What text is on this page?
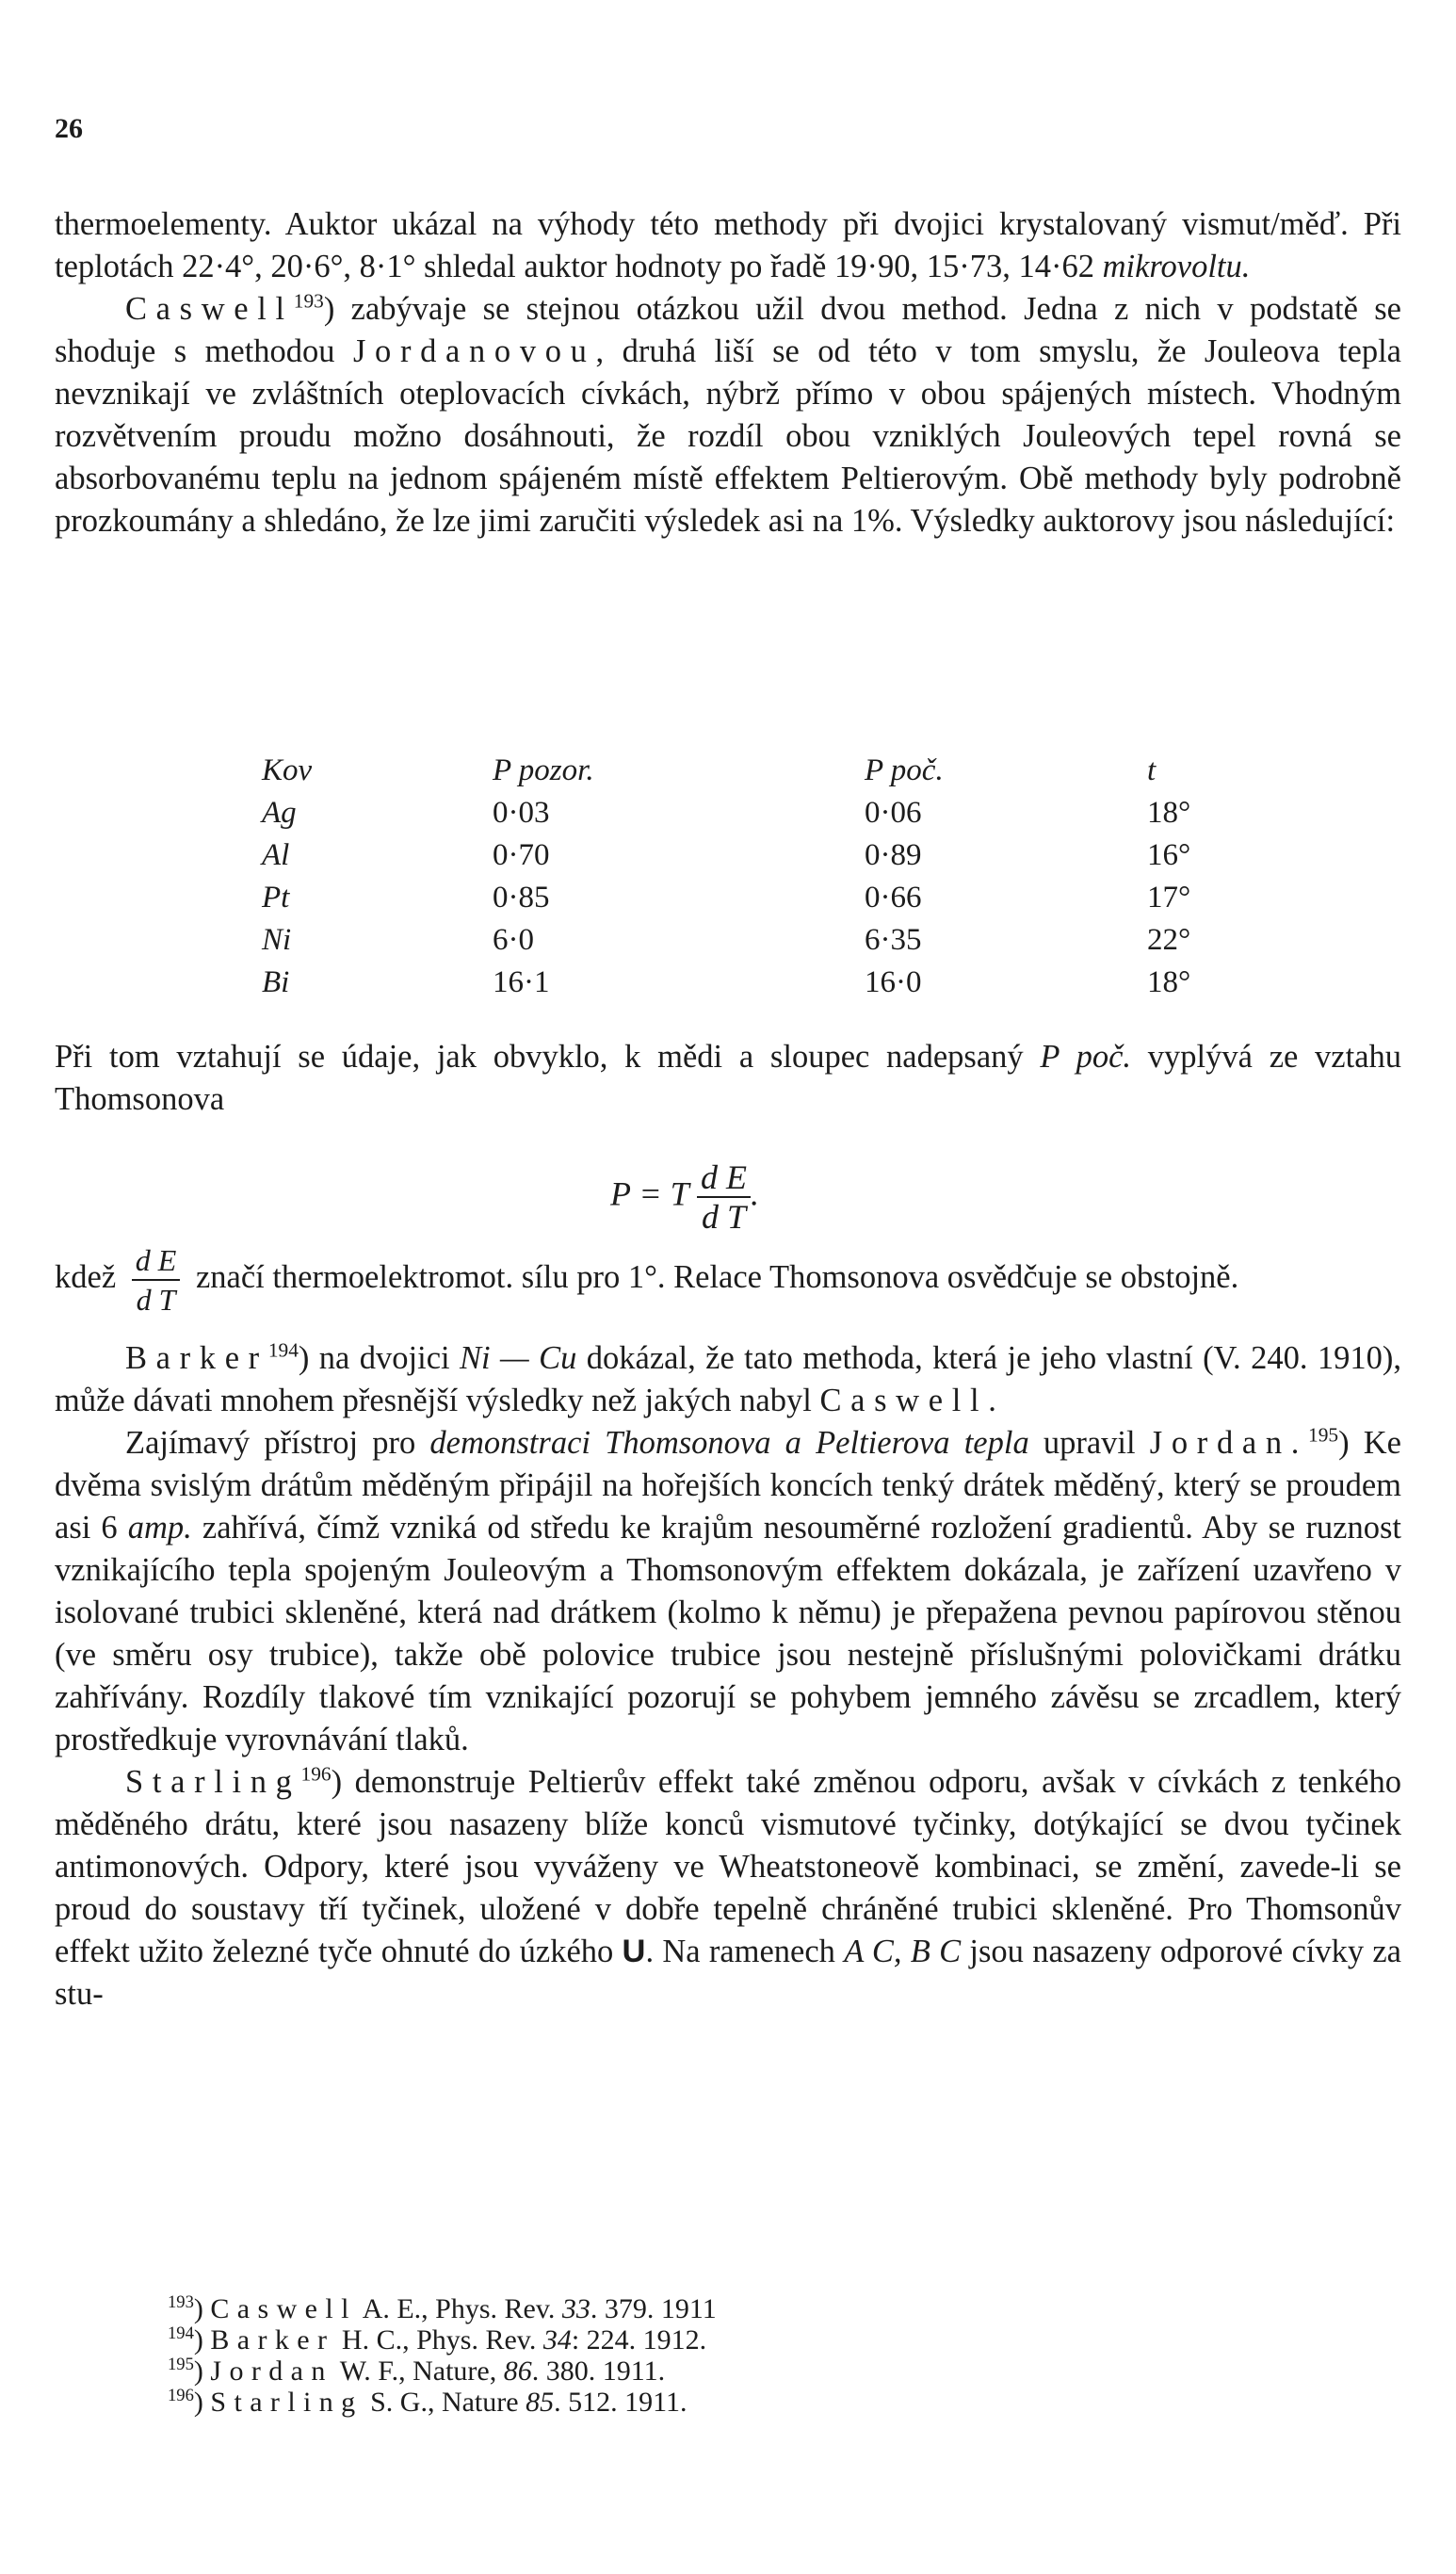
26

thermoelementy. Auktor ukázal na výhody této methody při dvojici krystalovaný vismut/měď. Při teplotách 22·4°, 20·6°, 8·1° shledal auktor hodnoty po řadě 19·90, 15·73, 14·62 mikrovoltu.

Caswell$^{193}$) zabývaje se stejnou otázkou užil dvou method. Jedna z nich v podstatě se shoduje s methodou Jordanovou, druhá liší se od této v tom smyslu, že Jouleova tepla nevznikají ve zvláštních oteplovacích cívkách, nýbrž přímo v obou spájených místech. Vhodným rozvětvením proudu možno dosáhnouti, že rozdíl obou vzniklých Jouleových tepel rovná se absorbovanému teplu na jednom spájeném místě effektem Peltierovým. Obě methody byly podrobně prozkoumány a shledáno, že lze jimi zaručiti výsledek asi na 1%. Výsledky auktorovy jsou následující:

Kov	P pozor.	P poč.	t
Ag	0·03	0·06	18°
Al	0·70	0·89	16°
Pt	0·85	0·66	17°
Ni	6·0	6·35	22°
Bi	16·1	16·0	18°

Při tom vztahují se údaje, jak obvyklo, k mědi a sloupec nadepsaný P poč. vyplývá ze vztahu Thomsonova

P = T $\frac{\text{d E}}{\text{d T}}$ .
kdež $\frac{\text{d E}}{\text{d T}}$ značí thermoelektromot. sílu pro 1°. Relace Thomsonova osvědčuje se obstojně.

Barker$^{194}$) na dvojici Ni — Cu dokázal, že tato methoda, která je jeho vlastní (V. 240. 1910), může dávati mnohem přesnější výsledky než jakých nabyl Caswell.

Zajímavý přístroj pro demonstraci Thomsonova a Peltierova tepla upravil Jordan.$^{195}$) Ke dvěma svislým drátům měděným připájil na hořejších koncích tenký drátek měděný, který se proudem asi 6 amp. zahřívá, čímž vzniká od středu ke krajům nesouměrné rozložení gradientů. Aby se ruznost vznikajícího tepla spojeným Jouleovým a Thomsonovým effektem dokázala, je zařízení uzavřeno v isolované trubici skleněné, která nad drátkem (kolmo k němu) je přepažena pevnou papírovou stěnou (ve směru osy trubice), takže obě polovice trubice jsou nestejně příslušnými polovičkami drátku zahřívány. Rozdíly tlakové tím vznikající pozorují se pohybem jemného závěsu se zrcadlem, který prostředkuje vyrovnávání tlaků.

Starling$^{196}$) demonstruje Peltierův effekt také změnou odporu, avšak v cívkách z tenkého měděného drátu, které jsou nasazeny blíže konců vismutové tyčinky, dotýkající se dvou tyčinek antimonových. Odpory, které jsou vyváženy ve Wheatstoneově kombinaci, se změní, zavede-li se proud do soustavy tří tyčinek, uložené v dobře tepelně chráněné trubici skleněné. Pro Thomsonův effekt užito železné tyče ohnuté do úzkého U. Na ramenech A C, B C jsou nasazeny odporové cívky za stu-

$^{193}$) Caswell A. E., Phys. Rev. 33. 379. 1911
$^{194}$) Barker H. C., Phys. Rev. 34: 224. 1912.
$^{195}$) Jordan W. F., Nature, 86. 380. 1911.
$^{196}$) Starling S. G., Nature 85. 512. 1911.
